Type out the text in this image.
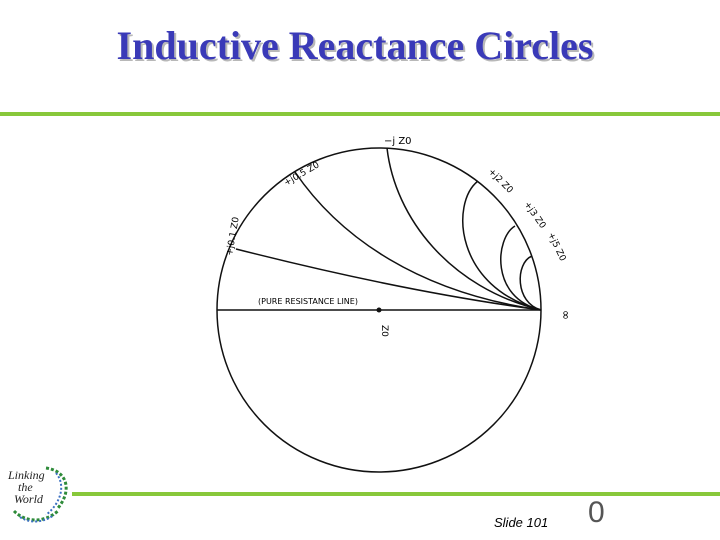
Inductive Reactance Circles
(PURE RESISTANCE LINE)
Z0
∞
−j Z0
+j0.5 Z0
+j0.1 Z0
+j2 Z0
+j3 Z0
+j5 Z0
Linking
the
World
Slide 101 0
